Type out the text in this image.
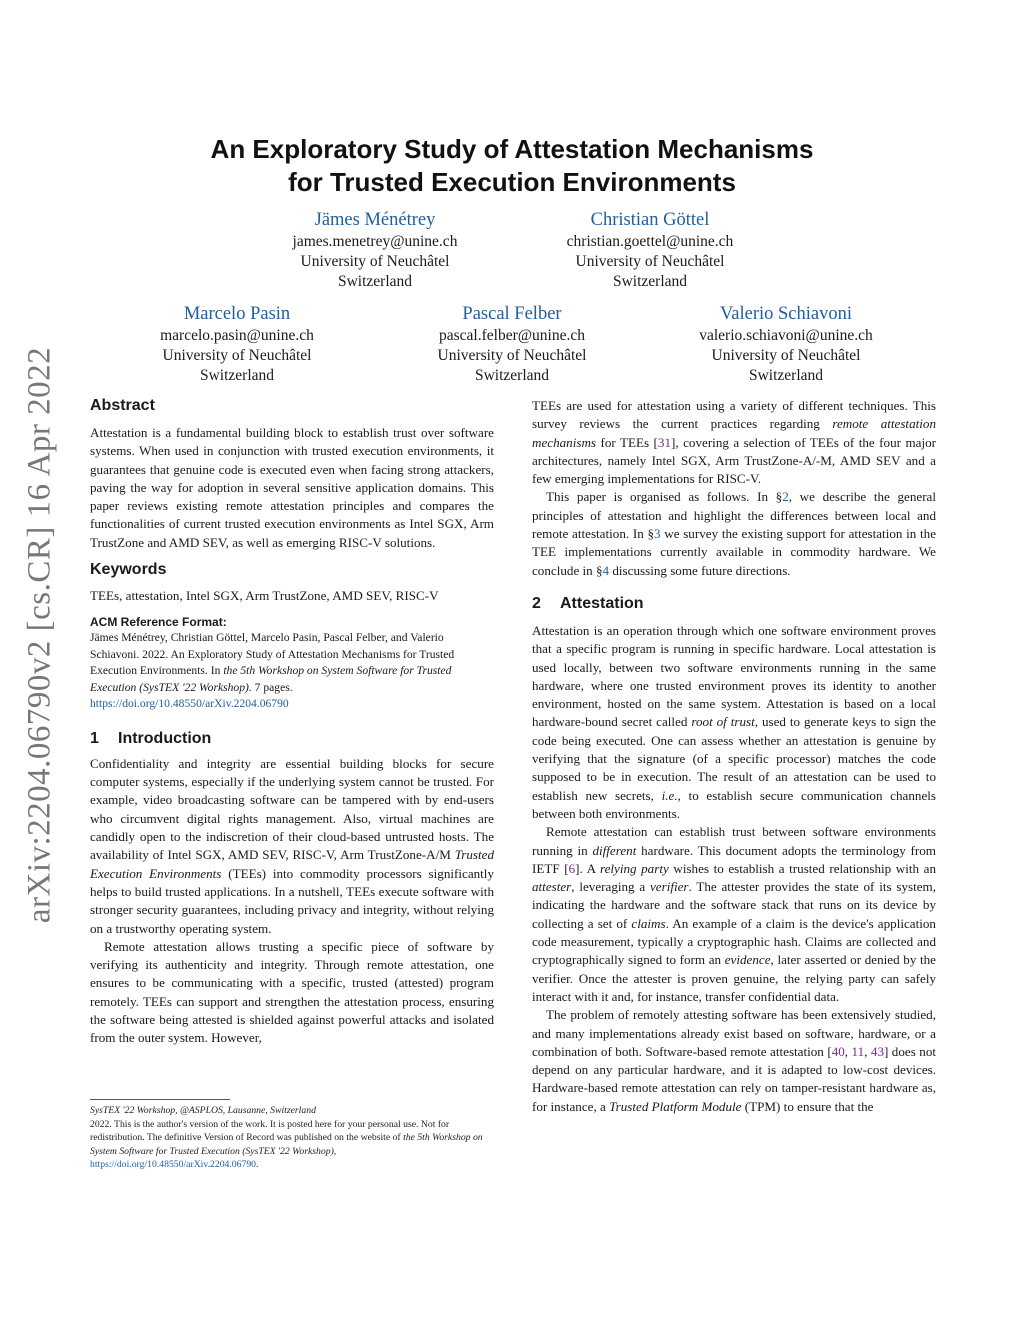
arXiv:2204.06790v2 [cs.CR] 16 Apr 2022
An Exploratory Study of Attestation Mechanisms
for Trusted Execution Environments
Jämes Ménétrey
james.menetrey@unine.ch
University of Neuchâtel
Switzerland
Christian Göttel
christian.goettel@unine.ch
University of Neuchâtel
Switzerland
Marcelo Pasin
marcelo.pasin@unine.ch
University of Neuchâtel
Switzerland
Pascal Felber
pascal.felber@unine.ch
University of Neuchâtel
Switzerland
Valerio Schiavoni
valerio.schiavoni@unine.ch
University of Neuchâtel
Switzerland
Abstract

Attestation is a fundamental building block to establish trust over software systems. When used in conjunction with trusted execution environments, it guarantees that genuine code is executed even when facing strong attackers, paving the way for adoption in several sensitive application domains. This paper reviews existing remote attestation principles and compares the functionalities of current trusted execution environments as Intel SGX, Arm TrustZone and AMD SEV, as well as emerging RISC-V solutions.

Keywords

TEEs, attestation, Intel SGX, Arm TrustZone, AMD SEV, RISC-V

ACM Reference Format:

Jämes Ménétrey, Christian Göttel, Marcelo Pasin, Pascal Felber, and Valerio Schiavoni. 2022. An Exploratory Study of Attestation Mechanisms for Trusted Execution Environments. In the 5th Workshop on System Software for Trusted Execution (SysTEX '22 Workshop). 7 pages. https://doi.org/10.48550/arXiv.2204.06790

1 Introduction

Confidentiality and integrity are essential building blocks for secure computer systems, especially if the underlying system cannot be trusted. For example, video broadcasting software can be tampered with by end-users who circumvent digital rights management. Also, virtual machines are candidly open to the indiscretion of their cloud-based untrusted hosts. The availability of Intel SGX, AMD SEV, RISC-V, Arm TrustZone-A/M Trusted Execution Environments (TEEs) into commodity processors significantly helps to build trusted applications. In a nutshell, TEEs execute software with stronger security guarantees, including privacy and integrity, without relying on a trustworthy operating system.

Remote attestation allows trusting a specific piece of software by verifying its authenticity and integrity. Through remote attestation, one ensures to be communicating with a specific, trusted (attested) program remotely. TEEs can support and strengthen the attestation process, ensuring the software being attested is shielded against powerful attacks and isolated from the outer system. However,

SysTEX '22 Workshop, @ASPLOS, Lausanne, Switzerland
2022. This is the author's version of the work. It is posted here for your personal use. Not for redistribution. The definitive Version of Record was published on the website of the 5th Workshop on System Software for Trusted Execution (SysTEX '22 Workshop), https://doi.org/10.48550/arXiv.2204.06790.

TEEs are used for attestation using a variety of different techniques. This survey reviews the current practices regarding remote attestation mechanisms for TEEs [31], covering a selection of TEEs of the four major architectures, namely Intel SGX, Arm TrustZone-A/-M, AMD SEV and a few emerging implementations for RISC-V.

This paper is organised as follows. In §2, we describe the general principles of attestation and highlight the differences between local and remote attestation. In §3 we survey the existing support for attestation in the TEE implementations currently available in commodity hardware. We conclude in §4 discussing some future directions.

2 Attestation

Attestation is an operation through which one software environment proves that a specific program is running in specific hardware. Local attestation is used locally, between two software environments running in the same hardware, where one trusted environment proves its identity to another environment, hosted on the same system. Attestation is based on a local hardware-bound secret called root of trust, used to generate keys to sign the code being executed. One can assess whether an attestation is genuine by verifying that the signature (of a specific processor) matches the code supposed to be in execution. The result of an attestation can be used to establish new secrets, i.e., to establish secure communication channels between both environments.

Remote attestation can establish trust between software environments running in different hardware. This document adopts the terminology from IETF [6]. A relying party wishes to establish a trusted relationship with an attester, leveraging a verifier. The attester provides the state of its system, indicating the hardware and the software stack that runs on its device by collecting a set of claims. An example of a claim is the device's application code measurement, typically a cryptographic hash. Claims are collected and cryptographically signed to form an evidence, later asserted or denied by the verifier. Once the attester is proven genuine, the relying party can safely interact with it and, for instance, transfer confidential data.

The problem of remotely attesting software has been extensively studied, and many implementations already exist based on software, hardware, or a combination of both. Software-based remote attestation [40, 11, 43] does not depend on any particular hardware, and it is adapted to low-cost devices. Hardware-based remote attestation can rely on tamper-resistant hardware as, for instance, a Trusted Platform Module (TPM) to ensure that the
